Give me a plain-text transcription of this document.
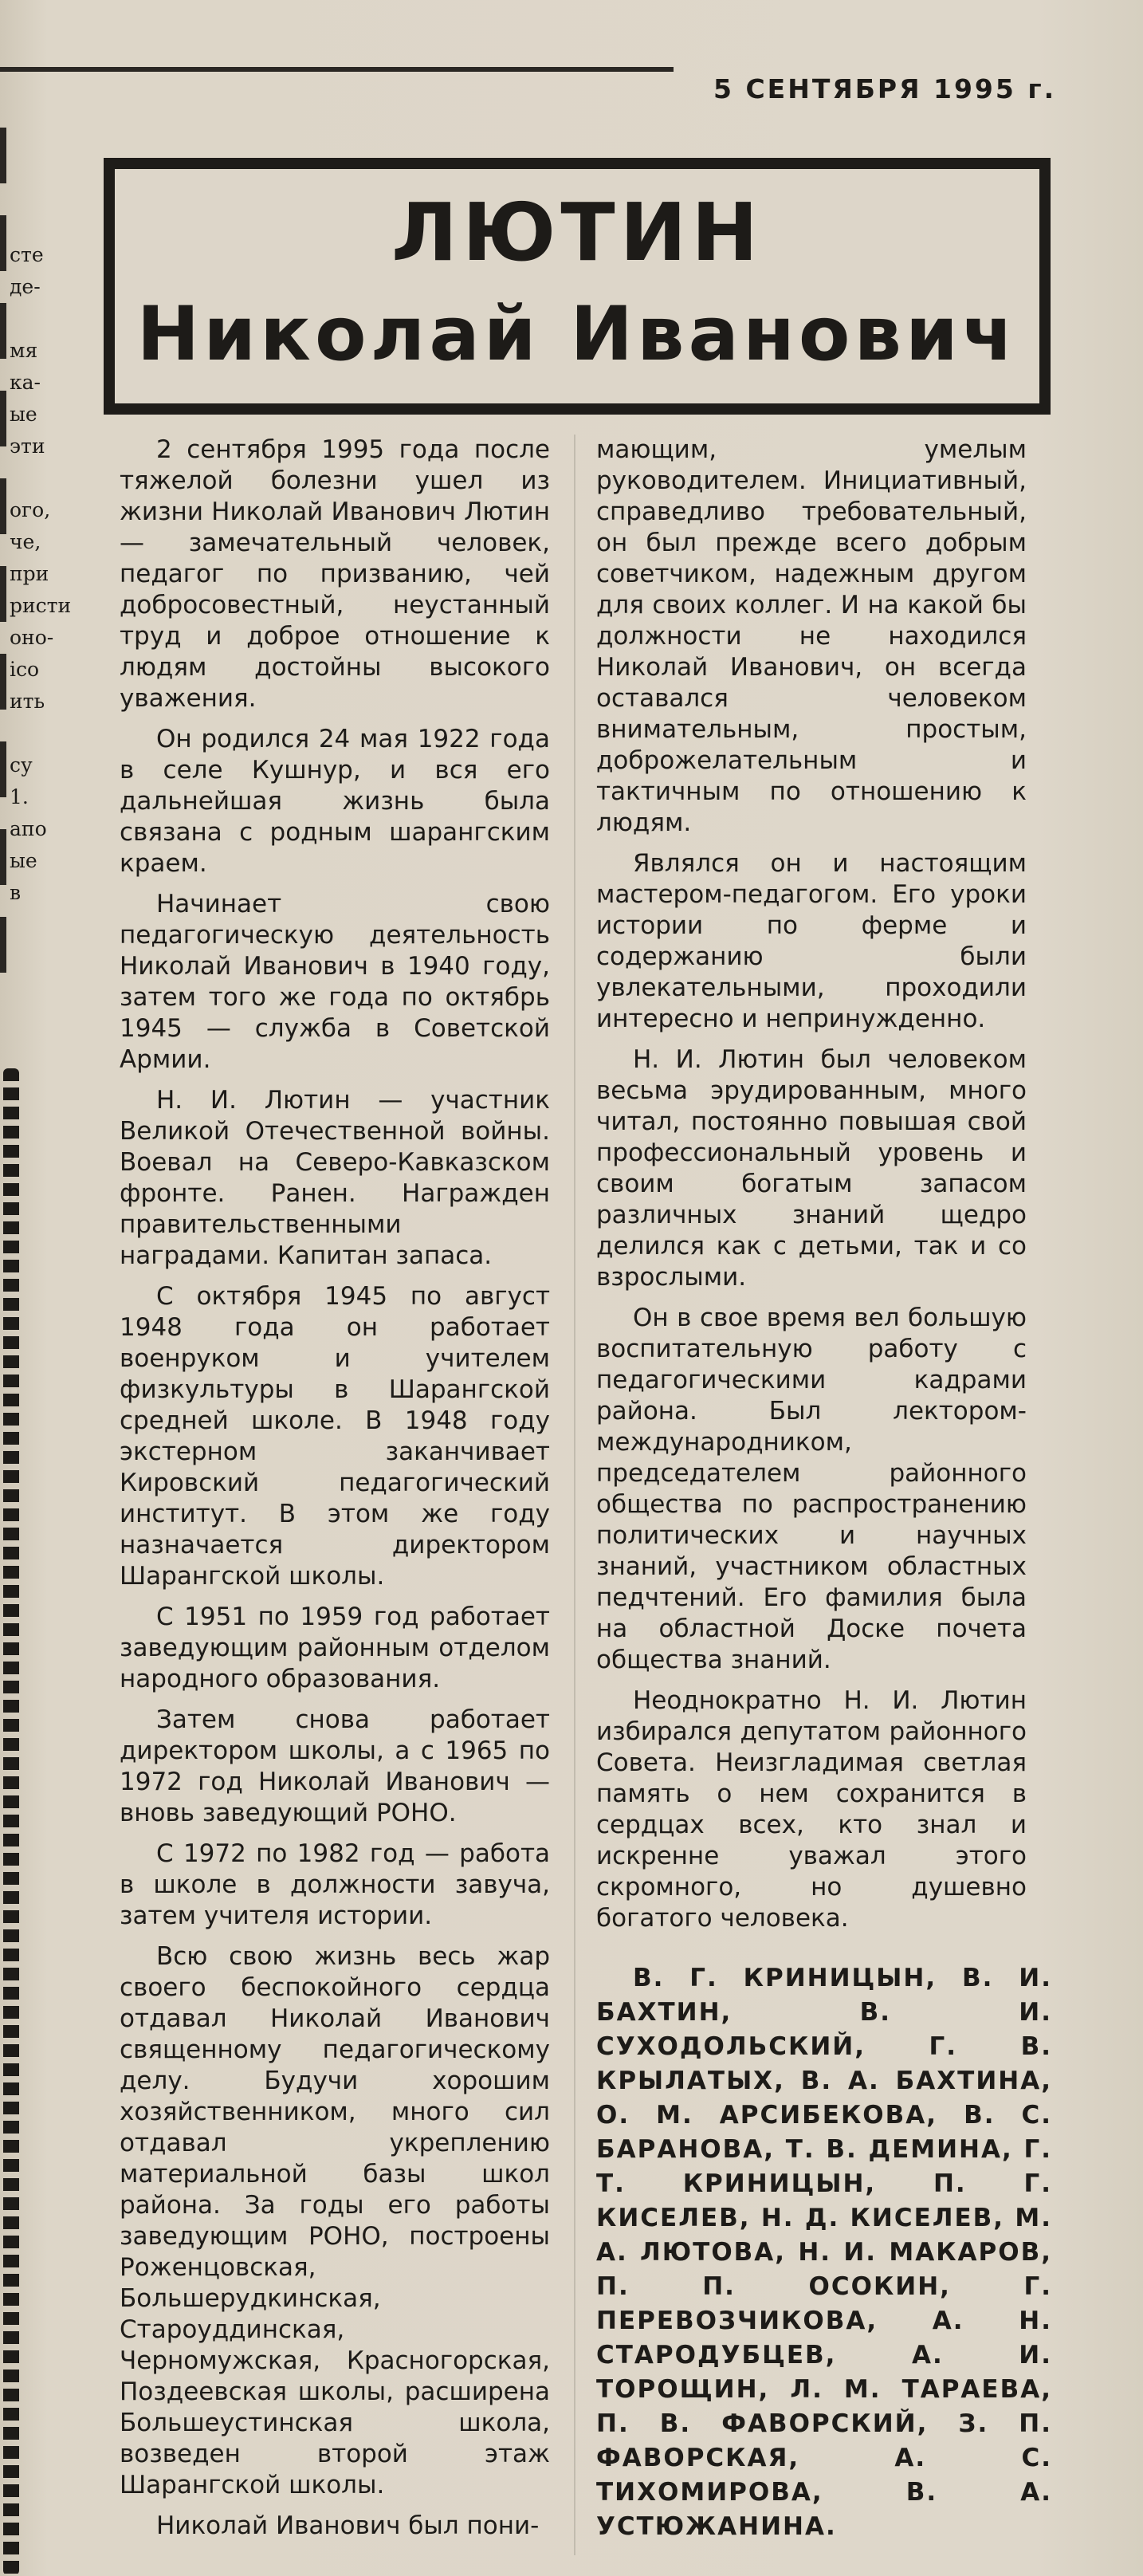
5 СЕНТЯБРЯ 1995 г.
сте
де-

мя
ка-
ые
эти

ого,
че,
при
ристи
оно-
ісо
ить

су
1.
апо
ые
в
ЛЮТИН
Николай Иванович

2 сентября 1995 года после тяжелой болезни ушел из жизни Николай Иванович Лютин — замечательный человек, педагог по призванию, чей добросовестный, неустанный труд и доброе отношение к людям достойны высокого уважения.

Он родился 24 мая 1922 года в селе Кушнур, и вся его дальнейшая жизнь была связана с родным шарангским краем.

Начинает свою педагогическую деятельность Николай Иванович в 1940 году, затем того же года по октябрь 1945 — служба в Советской Армии.

Н. И. Лютин — участник Великой Отечественной войны. Воевал на Северо-Кавказском фронте. Ранен. Награжден правительственными наградами. Капитан запаса.

С октября 1945 по август 1948 года он работает военруком и учителем физкультуры в Шарангской средней школе. В 1948 году экстерном заканчивает Кировский педагогический институт. В этом же году назначается директором Шарангской школы.

С 1951 по 1959 год работает заведующим районным отделом народного образования.

Затем снова работает директором школы, а с 1965 по 1972 год Николай Иванович — вновь заведующий РОНО.

С 1972 по 1982 год — работа в школе в должности завуча, затем учителя истории.

Всю свою жизнь весь жар своего беспокойного сердца отдавал Николай Иванович священному педагогическому делу. Будучи хорошим хозяйственником, много сил отдавал укреплению материальной базы школ района. За годы его работы заведующим РОНО, построены Роженцовская, Большерудкинская, Староуддинская, Черномужская, Красногорская, Поздеевская школы, расширена Большеустинская школа, возведен второй этаж Шарангской школы.

Николай Иванович был пони-

мающим, умелым руководителем. Инициативный, справедливо требовательный, он был прежде всего добрым советчиком, надежным другом для своих коллег. И на какой бы должности не находился Николай Иванович, он всегда оставался человеком внимательным, простым, доброжелательным и тактичным по отношению к людям.

Являлся он и настоящим мастером-педагогом. Его уроки истории по ферме и содержанию были увлекательными, проходили интересно и непринужденно.

Н. И. Лютин был человеком весьма эрудированным, много читал, постоянно повышая свой профессиональный уровень и своим богатым запасом различных знаний щедро делился как с детьми, так и со взрослыми.

Он в свое время вел большую воспитательную работу с педагогическими кадрами района. Был лектором-международником, председателем районного общества по распространению политических и научных знаний, участником областных педчтений. Его фамилия была на областной Доске почета общества знаний.

Неоднократно Н. И. Лютин избирался депутатом районного Совета. Неизгладимая светлая память о нем сохранится в сердцах всех, кто знал и искренне уважал этого скромного, но душевно богатого человека.

В. Г. КРИНИЦЫН, В. И. БАХТИН, В. И. СУХОДОЛЬСКИЙ, Г. В. КРЫЛАТЫХ, В. А. БАХТИНА, О. М. АРСИБЕКОВА, В. С. БАРАНОВА, Т. В. ДЕМИНА, Г. Т. КРИНИЦЫН, П. Г. КИСЕЛЕВ, Н. Д. КИСЕЛЕВ, М. А. ЛЮТОВА, Н. И. МАКАРОВ, П. П. ОСОКИН, Г. ПЕРЕВОЗЧИКОВА, А. Н. СТАРОДУБЦЕВ, А. И. ТОРОЩИН, Л. М. ТАРАЕВА, П. В. ФАВОРСКИЙ, З. П. ФАВОРСКАЯ, А. С. ТИХОМИРОВА, В. А. УСТЮЖАНИНА.
